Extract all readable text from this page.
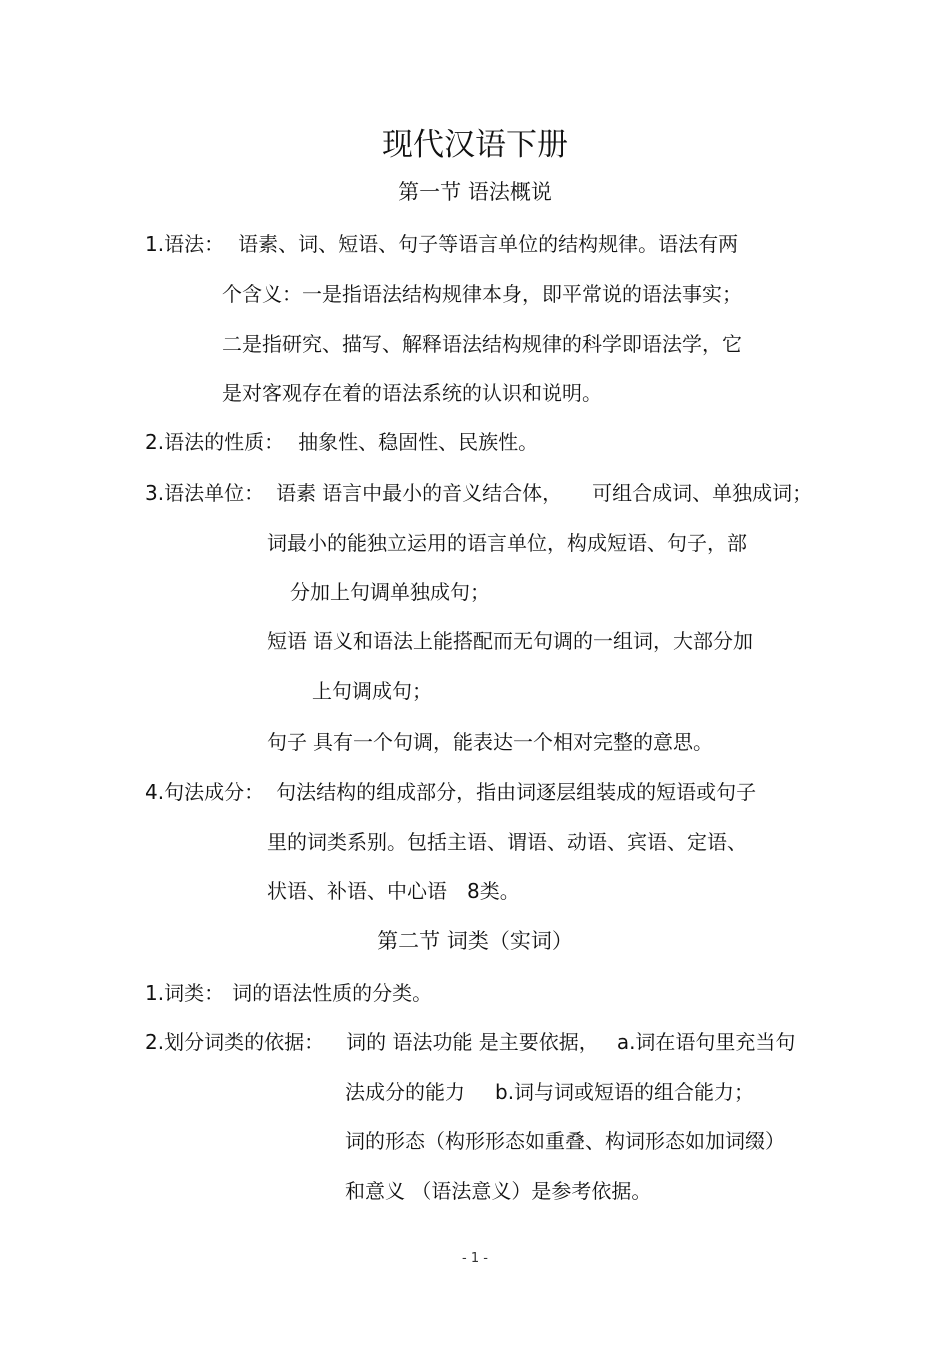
现代汉语下册
第一节 语法概说
1.语法： 语素、词、短语、句子等语言单位的结构规律。语法有两
个含义：一是指语法结构规律本身，即平常说的语法事实；
二是指研究、描写、解释语法结构规律的科学即语法学，它
是对客观存在着的语法系统的认识和说明。
2.语法的性质： 抽象性、稳固性、民族性。
3.语法单位： 语素 语言中最小的音义结合体， 可组合成词、单独成词；
词最小的能独立运用的语言单位，构成短语、句子，部
分加上句调单独成句；
短语 语义和语法上能搭配而无句调的一组词，大部分加
上句调成句；
句子 具有一个句调，能表达一个相对完整的意思。
4.句法成分： 句法结构的组成部分，指由词逐层组装成的短语或句子
里的词类系别。包括主语、谓语、动语、宾语、定语、
状语、补语、中心语 8类。
第二节 词类（实词）
1.词类： 词的语法性质的分类。
2.划分词类的依据： 词的 语法功能 是主要依据， a.词在语句里充当句
法成分的能力 b.词与词或短语的组合能力；
词的形态（构形形态如重叠、构词形态如加词缀）
和意义 （语法意义）是参考依据。
- 1 -
